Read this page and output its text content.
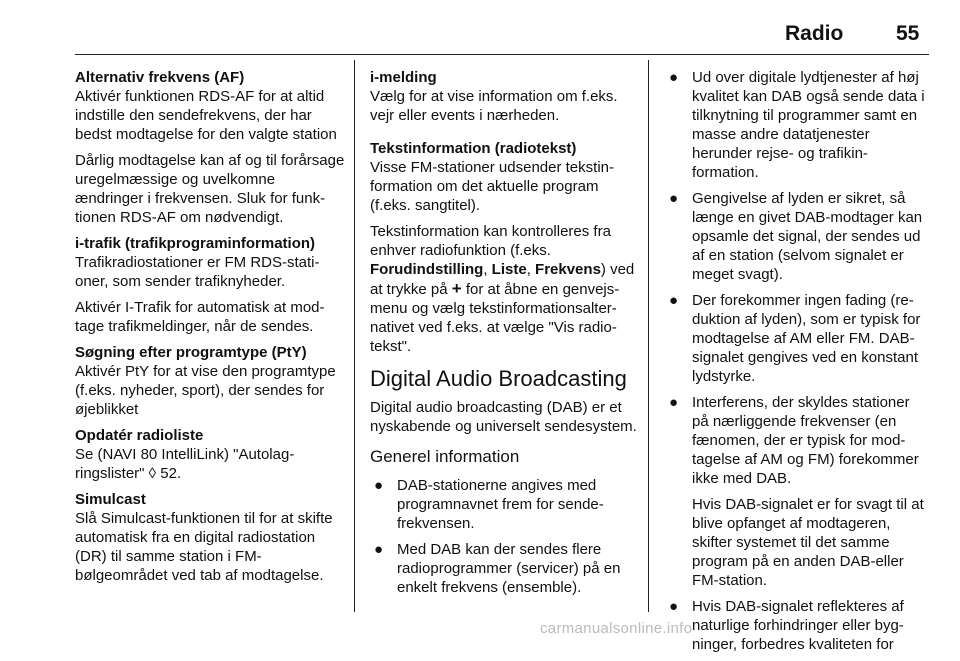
Radio	55
Alternativ frekvens (AF)
Aktivér funktionen RDS-AF for at altid indstille den sendefrekvens, der har bedst modtagelse for den valgte station
Dårlig modtagelse kan af og til forårsage uregelmæssige og uvelkomne ændringer i frekvensen. Sluk for funktionen RDS-AF om nødvendigt.
i-trafik (trafikprograminformation)
Trafikradiostationer er FM RDS-stationer, som sender trafiknyheder.
Aktivér I-Trafik for automatisk at modtage trafikmeldinger, når de sendes.
Søgning efter programtype (PtY)
Aktivér PtY for at vise den programtype (f.eks. nyheder, sport), der sendes for øjeblikket
Opdatér radioliste
Se (NAVI 80 IntelliLink) "Autolagringslister" ◊ 52.
Simulcast
Slå Simulcast-funktionen til for at skifte automatisk fra en digital radiostation (DR) til samme station i FM-bølgeområdet ved tab af modtagelse.
i-melding
Vælg for at vise information om f.eks. vejr eller events i nærheden.
Tekstinformation (radiotekst)
Visse FM-stationer udsender tekstinformation om det aktuelle program (f.eks. sangtitel).
Tekstinformation kan kontrolleres fra enhver radiofunktion (f.eks. Forudindstilling, Liste, Frekvens) ved at trykke på + for at åbne en genvejsmenu og vælg tekstinformationsalternativet ved f.eks. at vælge "Vis radiotekst".
Digital Audio Broadcasting
Digital audio broadcasting (DAB) er et nyskabende og universelt sendesystem.
Generel information
● DAB-stationerne angives med programnavnet frem for sendefrekvensen.
● Med DAB kan der sendes flere radioprogrammer (servicer) på en enkelt frekvens (ensemble).
● Ud over digitale lydtjenester af høj kvalitet kan DAB også sende data i tilknytning til programmer samt en masse andre datatjenester herunder rejse- og trafikinformation.
● Gengivelse af lyden er sikret, så længe en givet DAB-modtager kan opsamle det signal, der sendes ud af en station (selvom signalet er meget svagt).
● Der forekommer ingen fading (reduktion af lyden), som er typisk for modtagelse af AM eller FM. DAB-signalet gengives ved en konstant lydstyrke.
● Interferens, der skyldes stationer på nærliggende frekvenser (en fænomen, der er typisk for modtagelse af AM og FM) forekommer ikke med DAB.
Hvis DAB-signalet er for svagt til at blive opfanget af modtageren, skifter systemet til det samme program på en anden DAB-eller FM-station.
● Hvis DAB-signalet reflekteres af naturlige forhindringer eller bygninger, forbedres kvaliteten for
carmanualsonline.info
